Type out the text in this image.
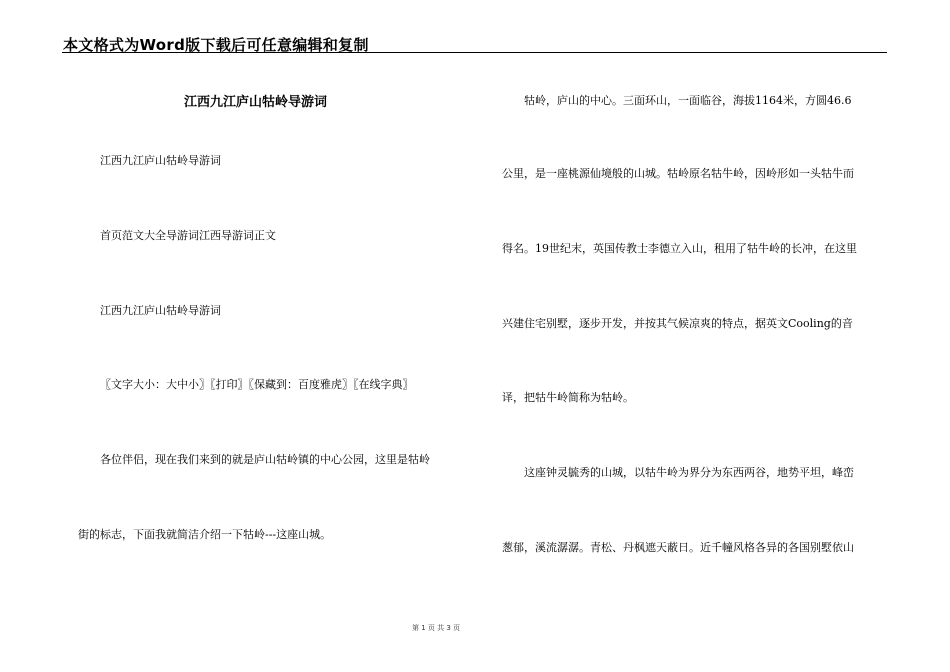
本文格式为Word版下载后可任意编辑和复制
江西九江庐山牯岭导游词
江西九江庐山牯岭导游词
首页范文大全导游词江西导游词正文
江西九江庐山牯岭导游词
〖文字大小：大中小〗〖打印〗〖保藏到：百度雅虎〗〖在线字典〗
各位伴侣，现在我们来到的就是庐山牯岭镇的中心公园，这里是牯岭
街的标志，下面我就简洁介绍一下牯岭---这座山城。
牯岭，庐山的中心。三面环山，一面临谷，海拔1164米，方圆46.6
公里，是一座桃源仙境般的山城。牯岭原名牯牛岭，因岭形如一头牯牛而
得名。19世纪末，英国传教士李德立入山，租用了牯牛岭的长冲，在这里
兴建住宅别墅，逐步开发，并按其气候凉爽的特点，据英文Cooling的音
译，把牯牛岭简称为牯岭。
这座钟灵毓秀的山城，以牯牛岭为界分为东西两谷，地势平坦，峰峦
葱郁，溪流潺潺。青松、丹枫遮天蔽日。近千幢风格各异的各国别墅依山
第 1 页 共 3 页
